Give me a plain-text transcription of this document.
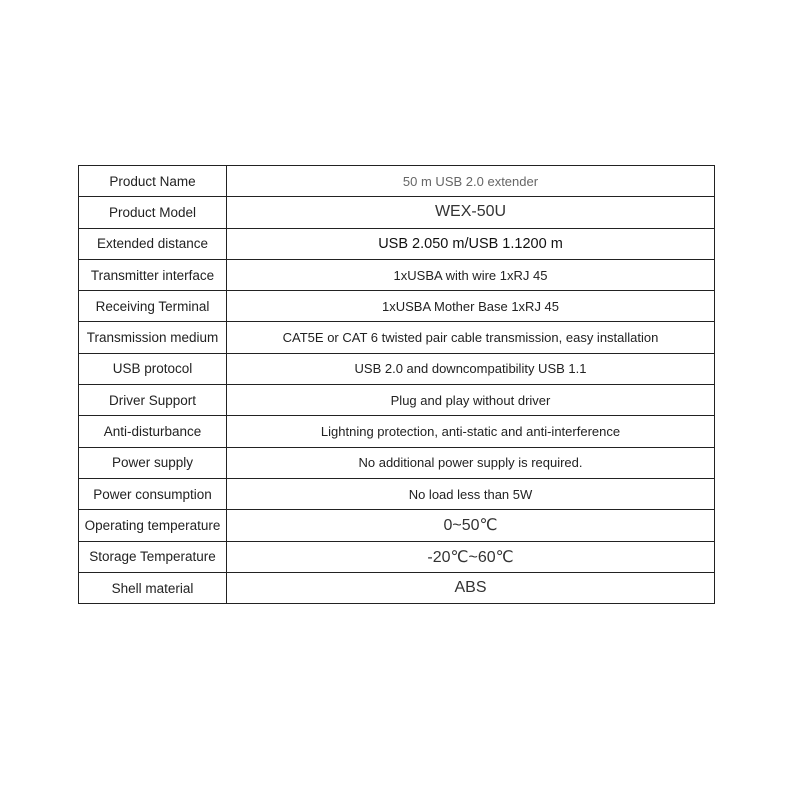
Product Name	50 m USB 2.0 extender
Product Model	WEX-50U
Extended distance	USB 2.050 m/USB 1.1200 m
Transmitter interface	1xUSBA with wire 1xRJ 45
Receiving Terminal	1xUSBA Mother Base 1xRJ 45
Transmission medium	CAT5E or CAT 6 twisted pair cable transmission, easy installation
USB protocol	USB 2.0 and downcompatibility USB 1.1
Driver Support	Plug and play without driver
Anti-disturbance	Lightning protection, anti-static and anti-interference
Power supply	No additional power supply is required.
Power consumption	No load less than 5W
Operating temperature	0~50℃
Storage Temperature	-20℃~60℃
Shell material	ABS
